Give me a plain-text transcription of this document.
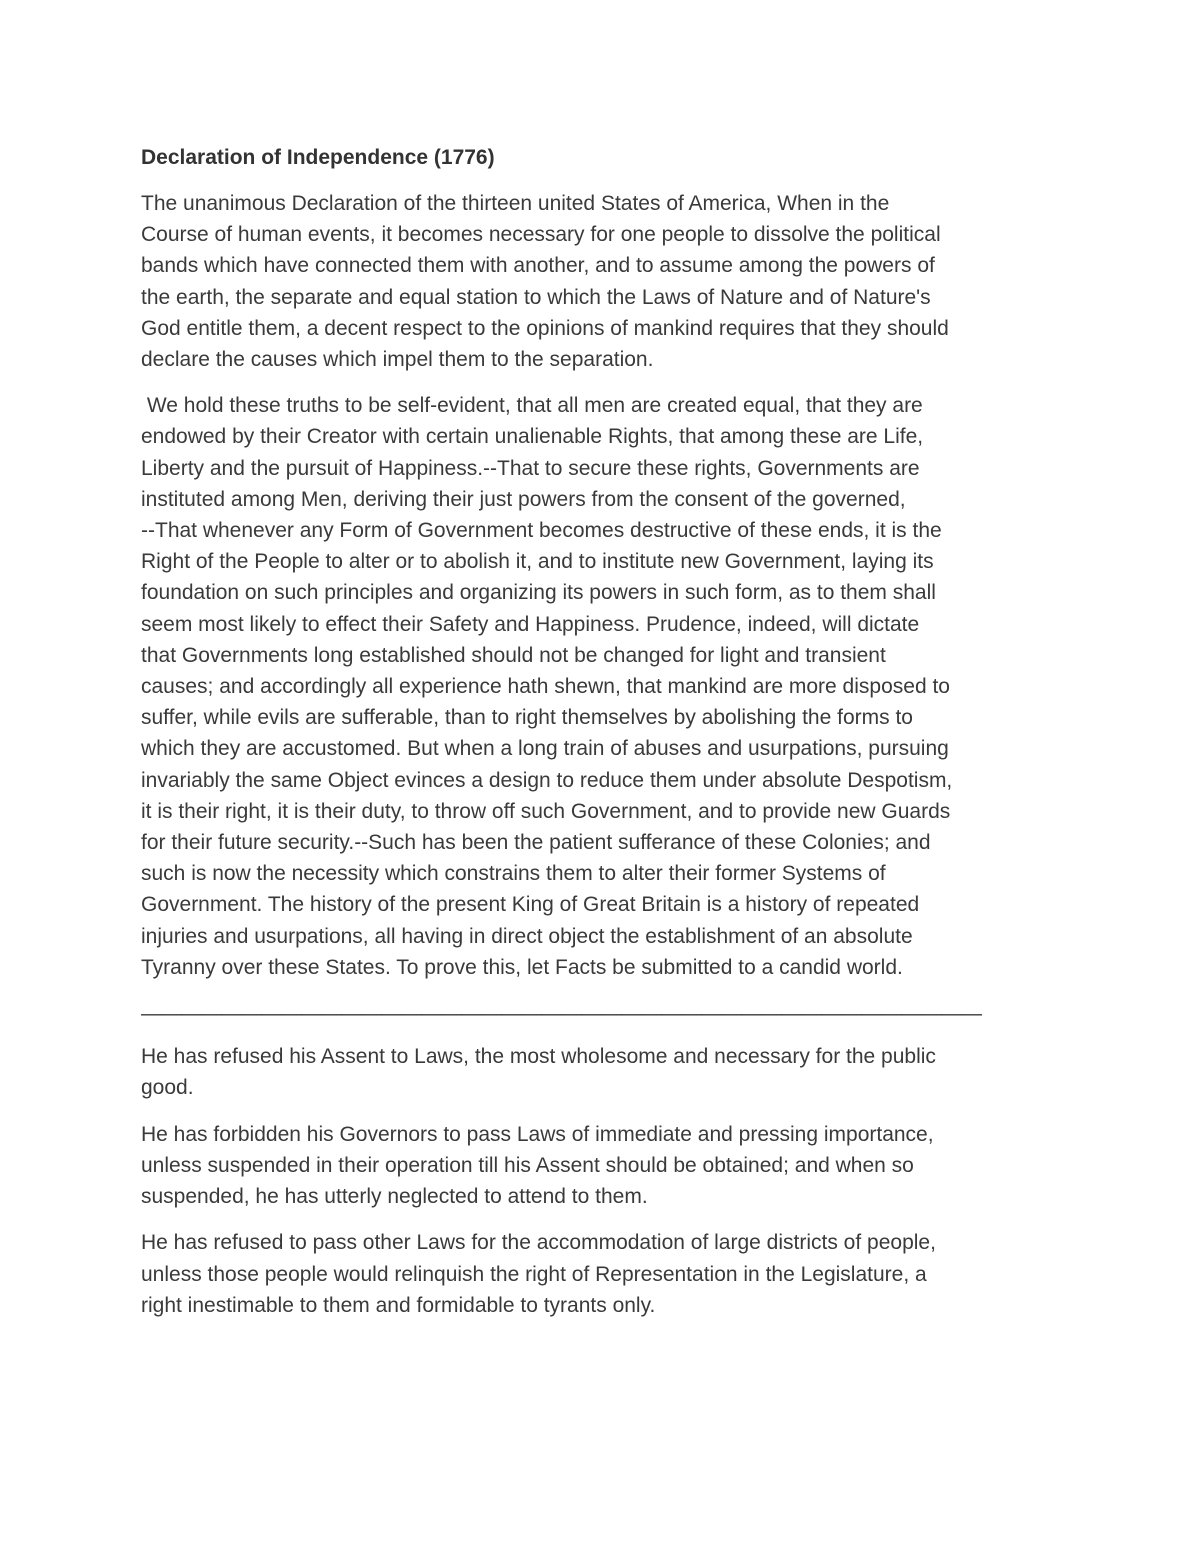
Declaration of Independence (1776)
The unanimous Declaration of the thirteen united States of America, When in the
Course of human events, it becomes necessary for one people to dissolve the political
bands which have connected them with another, and to assume among the powers of
the earth, the separate and equal station to which the Laws of Nature and of Nature's
God entitle them, a decent respect to the opinions of mankind requires that they should
declare the causes which impel them to the separation.
We hold these truths to be self-evident, that all men are created equal, that they are
endowed by their Creator with certain unalienable Rights, that among these are Life,
Liberty and the pursuit of Happiness.--That to secure these rights, Governments are
instituted among Men, deriving their just powers from the consent of the governed,
--That whenever any Form of Government becomes destructive of these ends, it is the
Right of the People to alter or to abolish it, and to institute new Government, laying its
foundation on such principles and organizing its powers in such form, as to them shall
seem most likely to effect their Safety and Happiness. Prudence, indeed, will dictate
that Governments long established should not be changed for light and transient
causes; and accordingly all experience hath shewn, that mankind are more disposed to
suffer, while evils are sufferable, than to right themselves by abolishing the forms to
which they are accustomed. But when a long train of abuses and usurpations, pursuing
invariably the same Object evinces a design to reduce them under absolute Despotism,
it is their right, it is their duty, to throw off such Government, and to provide new Guards
for their future security.--Such has been the patient sufferance of these Colonies; and
such is now the necessity which constrains them to alter their former Systems of
Government. The history of the present King of Great Britain is a history of repeated
injuries and usurpations, all having in direct object the establishment of an absolute
Tyranny over these States. To prove this, let Facts be submitted to a candid world.
——————————————————————————————————————————
He has refused his Assent to Laws, the most wholesome and necessary for the public
good.
He has forbidden his Governors to pass Laws of immediate and pressing importance,
unless suspended in their operation till his Assent should be obtained; and when so
suspended, he has utterly neglected to attend to them.
He has refused to pass other Laws for the accommodation of large districts of people,
unless those people would relinquish the right of Representation in the Legislature, a
right inestimable to them and formidable to tyrants only.
